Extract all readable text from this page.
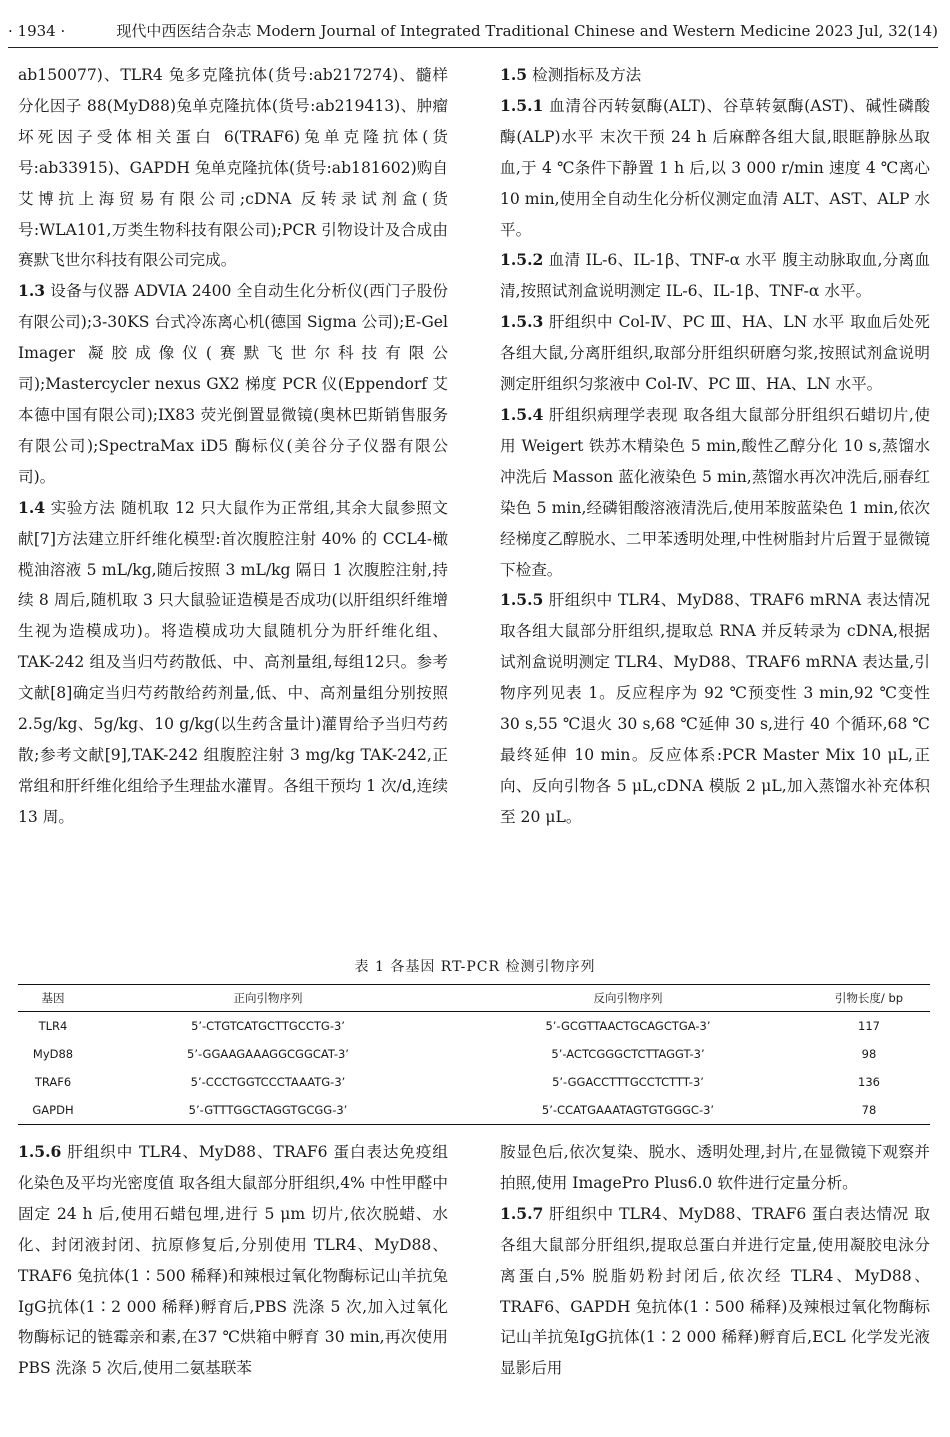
· 1934 ·	现代中西医结合杂志 Modern Journal of Integrated Traditional Chinese and Western Medicine 2023 Jul, 32(14)

ab150077)、TLR4 兔多克隆抗体(货号:ab217274)、髓样分化因子 88(MyD88)兔单克隆抗体(货号:ab219413)、肿瘤坏死因子受体相关蛋白 6(TRAF6)兔单克隆抗体(货号:ab33915)、GAPDH 兔单克隆抗体(货号:ab181602)购自艾博抗上海贸易有限公司;cDNA 反转录试剂盒(货号:WLA101,万类生物科技有限公司);PCR 引物设计及合成由赛默飞世尔科技有限公司完成。

1.3 设备与仪器 ADVIA 2400 全自动生化分析仪(西门子股份有限公司);3-30KS 台式冷冻离心机(德国 Sigma 公司);E-Gel Imager 凝胶成像仪(赛默飞世尔科技有限公司);Mastercycler nexus GX2 梯度 PCR 仪(Eppendorf 艾本德中国有限公司);IX83 荧光倒置显微镜(奥林巴斯销售服务有限公司);SpectraMax iD5 酶标仪(美谷分子仪器有限公司)。

1.4 实验方法 随机取 12 只大鼠作为正常组,其余大鼠参照文献[7]方法建立肝纤维化模型:首次腹腔注射 40% 的 CCL4-橄榄油溶液 5 mL/kg,随后按照 3 mL/kg 隔日 1 次腹腔注射,持续 8 周后,随机取 3 只大鼠验证造模是否成功(以肝组织纤维增生视为造模成功)。将造模成功大鼠随机分为肝纤维化组、TAK-242 组及当归芍药散低、中、高剂量组,每组12只。参考文献[8]确定当归芍药散给药剂量,低、中、高剂量组分别按照2.5g/kg、5g/kg、10 g/kg(以生药含量计)灌胃给予当归芍药散;参考文献[9],TAK-242 组腹腔注射 3 mg/kg TAK-242,正常组和肝纤维化组给予生理盐水灌胃。各组干预均 1 次/d,连续 13 周。

1.5 检测指标及方法

1.5.1 血清谷丙转氨酶(ALT)、谷草转氨酶(AST)、碱性磷酸酶(ALP)水平 末次干预 24 h 后麻醉各组大鼠,眼眶静脉丛取血,于 4 ℃条件下静置 1 h 后,以 3 000 r/min 速度 4 ℃离心 10 min,使用全自动生化分析仪测定血清 ALT、AST、ALP 水平。

1.5.2 血清 IL-6、IL-1β、TNF-α 水平 腹主动脉取血,分离血清,按照试剂盒说明测定 IL-6、IL-1β、TNF-α 水平。

1.5.3 肝组织中 Col-Ⅳ、PC Ⅲ、HA、LN 水平 取血后处死各组大鼠,分离肝组织,取部分肝组织研磨匀浆,按照试剂盒说明测定肝组织匀浆液中 Col-Ⅳ、PC Ⅲ、HA、LN 水平。

1.5.4 肝组织病理学表现 取各组大鼠部分肝组织石蜡切片,使用 Weigert 铁苏木精染色 5 min,酸性乙醇分化 10 s,蒸馏水冲洗后 Masson 蓝化液染色 5 min,蒸馏水再次冲洗后,丽春红染色 5 min,经磷钼酸溶液清洗后,使用苯胺蓝染色 1 min,依次经梯度乙醇脱水、二甲苯透明处理,中性树脂封片后置于显微镜下检查。

1.5.5 肝组织中 TLR4、MyD88、TRAF6 mRNA 表达情况 取各组大鼠部分肝组织,提取总 RNA 并反转录为 cDNA,根据试剂盒说明测定 TLR4、MyD88、TRAF6 mRNA 表达量,引物序列见表 1。反应程序为 92 ℃预变性 3 min,92 ℃变性 30 s,55 ℃退火 30 s,68 ℃延伸 30 s,进行 40 个循环,68 ℃最终延伸 10 min。反应体系:PCR Master Mix 10 μL,正向、反向引物各 5 μL,cDNA 模版 2 μL,加入蒸馏水补充体积至 20 μL。

表 1 各基因 RT-PCR 检测引物序列
基因	正向引物序列	反向引物序列	引物长度/ bp
TLR4	5’-CTGTCATGCTTGCCTG-3’	5’-GCGTTAACTGCAGCTGA-3’	117
MyD88	5’-GGAAGAAAGGCGGCAT-3’	5’-ACTCGGGCTCTTAGGT-3’	98
TRAF6	5’-CCCTGGTCCCTAAATG-3’	5’-GGACCTTTGCCTCTTT-3’	136
GAPDH	5’-GTTTGGCTAGGTGCGG-3’	5’-CCATGAAATAGTGTGGGC-3’	78

1.5.6 肝组织中 TLR4、MyD88、TRAF6 蛋白表达免疫组化染色及平均光密度值 取各组大鼠部分肝组织,4% 中性甲醛中固定 24 h 后,使用石蜡包埋,进行 5 μm 切片,依次脱蜡、水化、封闭液封闭、抗原修复后,分别使用 TLR4、MyD88、TRAF6 兔抗体(1∶500 稀释)和辣根过氧化物酶标记山羊抗兔IgG抗体(1∶2 000 稀释)孵育后,PBS 洗涤 5 次,加入过氧化物酶标记的链霉亲和素,在37 ℃烘箱中孵育 30 min,再次使用 PBS 洗涤 5 次后,使用二氨基联苯

胺显色后,依次复染、脱水、透明处理,封片,在显微镜下观察并拍照,使用 ImagePro Plus6.0 软件进行定量分析。

1.5.7 肝组织中 TLR4、MyD88、TRAF6 蛋白表达情况 取各组大鼠部分肝组织,提取总蛋白并进行定量,使用凝胶电泳分离蛋白,5% 脱脂奶粉封闭后,依次经 TLR4、MyD88、TRAF6、GAPDH 兔抗体(1∶500 稀释)及辣根过氧化物酶标记山羊抗兔IgG抗体(1∶2 000 稀释)孵育后,ECL 化学发光液显影后用
